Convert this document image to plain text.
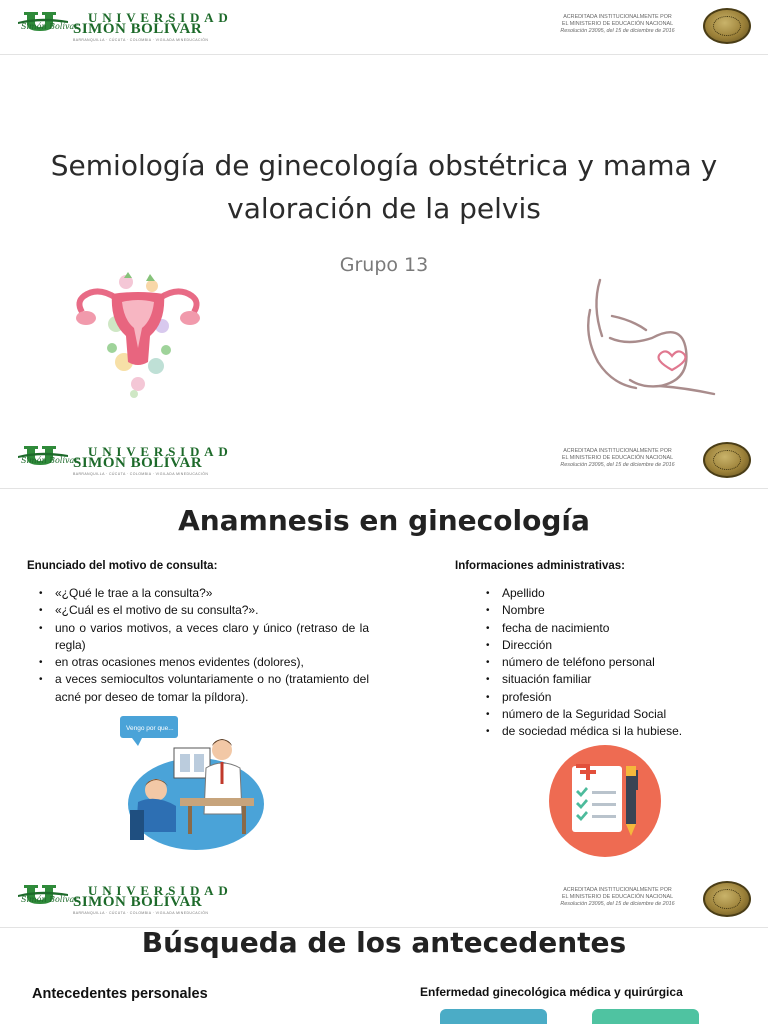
Simón Bolívar
UNIVERSIDAD
SIMÓN BOLÍVAR
BARRANQUILLA · CÚCUTA · COLOMBIA · VIGILADA MINEDUCACIÓN
ACREDITADA INSTITUCIONALMENTE POR
EL MINISTERIO DE EDUCACIÓN NACIONAL
Resolución 23095, del 15 de diciembre de 2016
Semiología de ginecología obstétrica y mama y valoración de la pelvis
Grupo 13
Simón Bolívar
UNIVERSIDAD
SIMÓN BOLÍVAR
BARRANQUILLA · CÚCUTA · COLOMBIA · VIGILADA MINEDUCACIÓN
ACREDITADA INSTITUCIONALMENTE POR
EL MINISTERIO DE EDUCACIÓN NACIONAL
Resolución 23095, del 15 de diciembre de 2016
Anamnesis en ginecología
Enunciado del motivo de consulta:
• «¿Qué le trae a la consulta?»
• «¿Cuál es el motivo de su consulta?».
• uno o varios motivos, a veces claro y único (retraso de la regla)
• en otras ocasiones menos evidentes (dolores),
• a veces semiocultos voluntariamente o no (tratamiento del acné por deseo de tomar la píldora).
Informaciones administrativas:
• Apellido
• Nombre
• fecha de nacimiento
• Dirección
• número de teléfono personal
• situación familiar
• profesión
• número de la Seguridad Social
• de sociedad médica si la hubiese.
Vengo por que...
Simón Bolívar
UNIVERSIDAD
SIMÓN BOLÍVAR
BARRANQUILLA · CÚCUTA · COLOMBIA · VIGILADA MINEDUCACIÓN
ACREDITADA INSTITUCIONALMENTE POR
EL MINISTERIO DE EDUCACIÓN NACIONAL
Resolución 23095, del 15 de diciembre de 2016
Búsqueda de los antecedentes
Antecedentes personales	Enfermedad ginecológica médica y quirúrgica
